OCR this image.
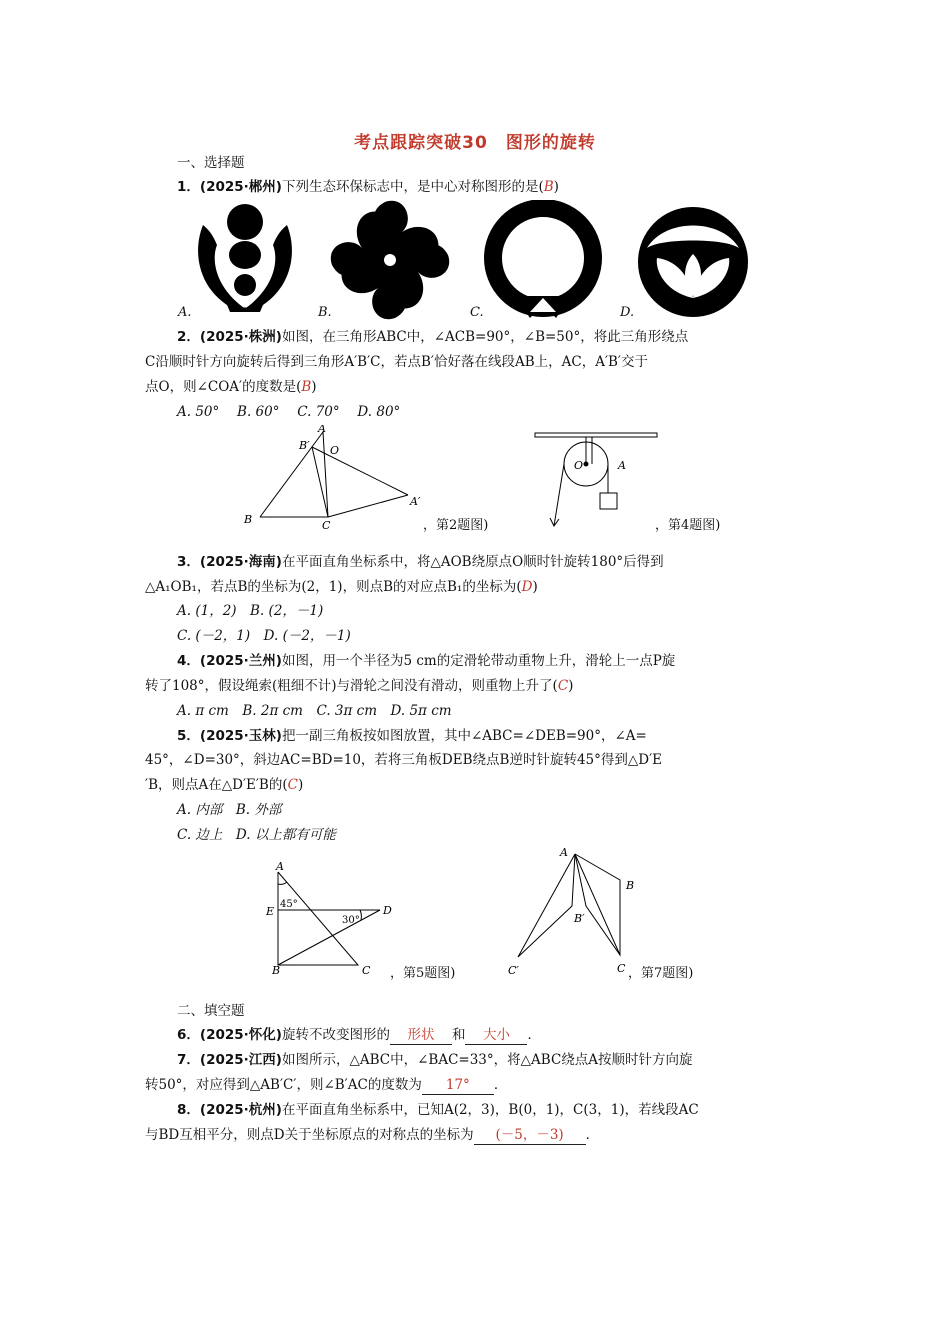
考点跟踪突破30　图形的旋转
一、选择题
1．(2025·郴州)下列生态环保标志中，是中心对称图形的是(B)
A.	B.	C.	D.
2．(2025·株洲)如图，在三角形ABC中，∠ACB=90°，∠B=50°，将此三角形绕点
C沿顺时针方向旋转后得到三角形A′B′C，若点B′恰好落在线段AB上，AC，A′B′交于
点O，则∠COA′的度数是(B)
A. 50°　 B. 60°　 C. 70°　 D. 80°
A
B′ O
A′
B	C	，第2题图)
O	A
，第4题图)
3．(2025·海南)在平面直角坐标系中，将△AOB绕原点O顺时针旋转180°后得到
△A₁OB₁，若点B的坐标为(2，1)，则点B的对应点B₁的坐标为(D)
A. (1，2)　B. (2，－1)
C. (－2，1)　D. (－2，－1)
4．(2025·兰州)如图，用一个半径为5 cm的定滑轮带动重物上升，滑轮上一点P旋
转了108°，假设绳索(粗细不计)与滑轮之间没有滑动，则重物上升了(C)
A. π cm　B. 2π cm　C. 3π cm　D. 5π cm
5．(2025·玉林)把一副三角板按如图放置，其中∠ABC=∠DEB=90°，∠A=
45°，∠D=30°，斜边AC=BD=10，若将三角板DEB绕点B逆时针旋转45°得到△D′E
′B，则点A在△D′E′B的(C)
A. 内部　B. 外部
C. 边上　D. 以上都有可能
A
E
45°
30°
D
B	C ，第5题图)
A
B
B′
C′	C ，第7题图)
二、填空题
6．(2025·怀化)旋转不改变图形的 形状 和 大小 ．
7．(2025·江西)如图所示，△ABC中，∠BAC=33°，将△ABC绕点A按顺时针方向旋
转50°，对应得到△AB′C′，则∠B′AC的度数为 17° ．
8．(2025·杭州)在平面直角坐标系中，已知A(2，3)，B(0，1)，C(3，1)，若线段AC
与BD互相平分，则点D关于坐标原点的对称点的坐标为 (－5，－3) ．
